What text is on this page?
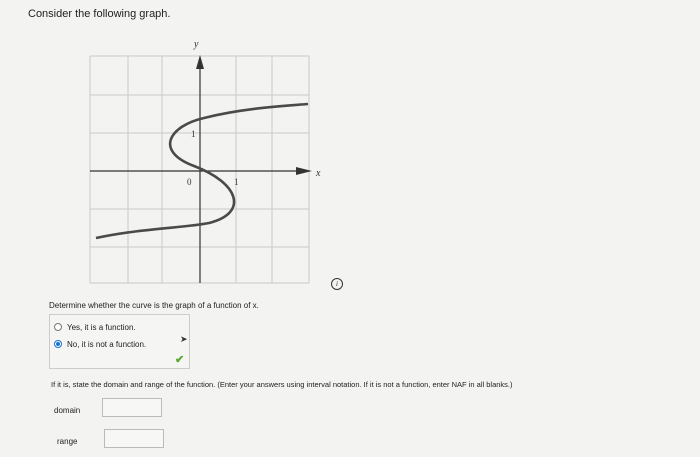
Consider the following graph.
y
x
0	1
1
i
Determine whether the curve is the graph of a function of x.
Yes, it is a function.
No, it is not a function.
✔
➤
If it is, state the domain and range of the function. (Enter your answers using interval notation. If it is not a function, enter NAF in all blanks.)
domain
range
